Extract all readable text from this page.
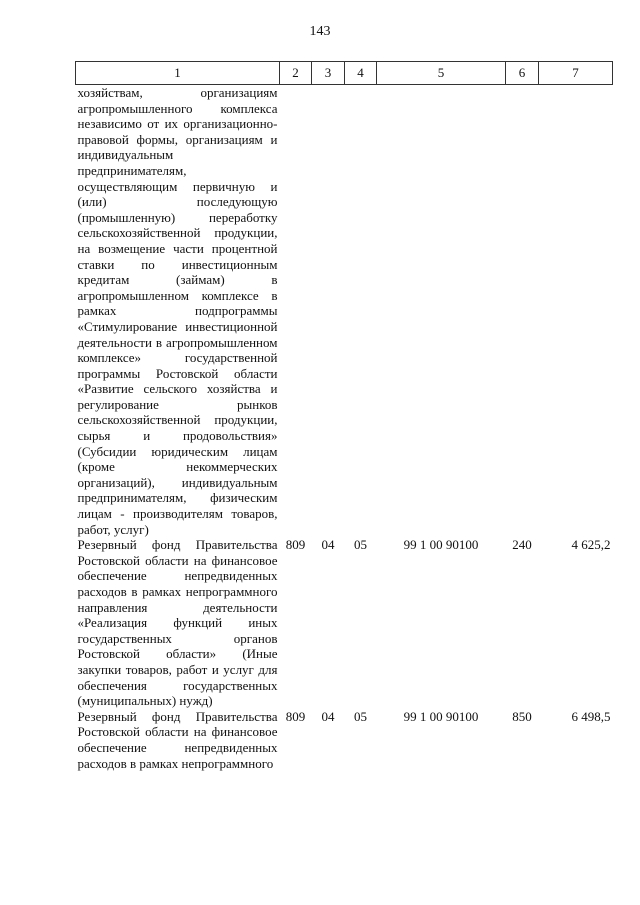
143
1	2	3	4	5	6	7
хозяйствам, организациям агропромышленного комплекса независимо от их организационно-правовой формы, организациям и индивидуальным предпринимателям, осуществляющим первичную и (или) последующую (промышленную) переработку сельскохозяйственной продукции, на возмещение части процентной ставки по инвестиционным кредитам (займам) в агропромышленном комплексе в рамках подпрограммы «Стимулирование инвестиционной деятельности в агропромышленном комплексе» государственной программы Ростовской области «Развитие сельского хозяйства и регулирование рынков сельскохозяйственной продукции, сырья и продовольствия» (Субсидии юридическим лицам (кроме некоммерческих организаций), индивидуальным предпринимателям, физическим лицам - производителям товаров, работ, услуг)						
Резервный фонд Правительства Ростовской области на финансовое обеспечение непредвиденных расходов в рамках непрограммного направления деятельности «Реализация функций иных государственных органов Ростовской области» (Иные закупки товаров, работ и услуг для обеспечения государственных (муниципальных) нужд)	809	04	05	99 1 00 90100	240	4 625,2
Резервный фонд Правительства Ростовской области на финансовое обеспечение непредвиденных расходов в рамках непрограммного	809	04	05	99 1 00 90100	850	6 498,5
